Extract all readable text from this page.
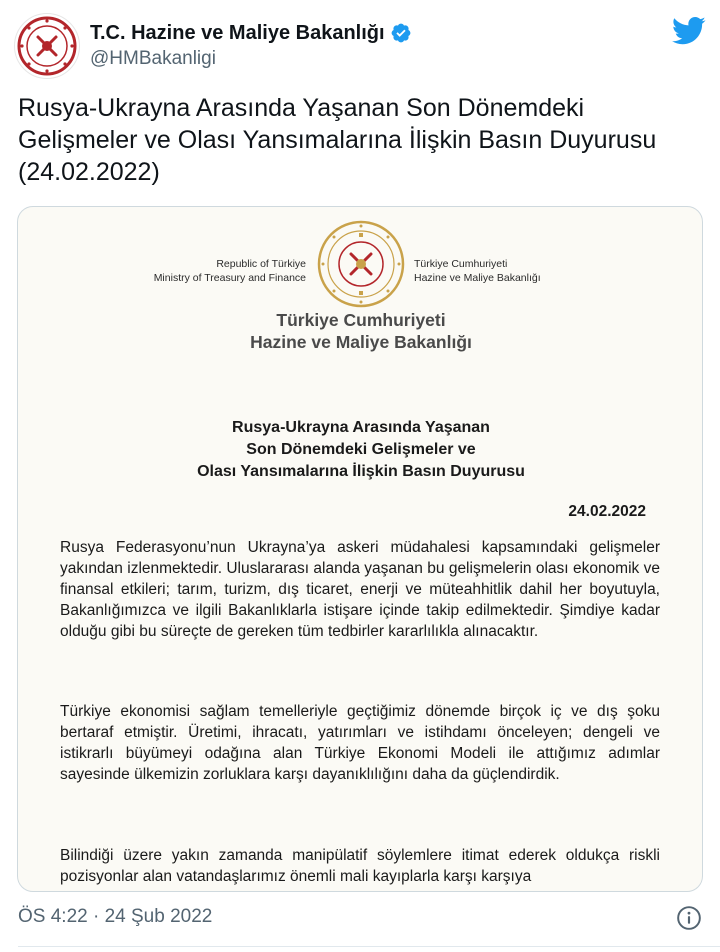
T.C. Hazine ve Maliye Bakanlığı
@HMBakanligi
Rusya-Ukrayna Arasında Yaşanan Son Dönemdeki Gelişmeler ve Olası Yansımalarına İlişkin Basın Duyurusu (24.02.2022)
Republic of Türkiye
Ministry of Treasury and Finance
Türkiye Cumhuriyeti
Hazine ve Maliye Bakanlığı
Türkiye Cumhuriyeti
Hazine ve Maliye Bakanlığı
Rusya-Ukrayna Arasında Yaşanan
Son Dönemdeki Gelişmeler ve
Olası Yansımalarına İlişkin Basın Duyurusu
24.02.2022
Rusya Federasyonu’nun Ukrayna’ya askeri müdahalesi kapsamındaki gelişmeler yakından izlenmektedir. Uluslararası alanda yaşanan bu gelişmelerin olası ekonomik ve finansal etkileri; tarım, turizm, dış ticaret, enerji ve müteahhitlik dahil her boyutuyla, Bakanlığımızca ve ilgili Bakanlıklarla istişare içinde takip edilmektedir. Şimdiye kadar olduğu gibi bu süreçte de gereken tüm tedbirler kararlılıkla alınacaktır.
Türkiye ekonomisi sağlam temelleriyle geçtiğimiz dönemde birçok iç ve dış şoku bertaraf etmiştir. Üretimi, ihracatı, yatırımları ve istihdamı önceleyen; dengeli ve istikrarlı büyümeyi odağına alan Türkiye Ekonomi Modeli ile attığımız adımlar sayesinde ülkemizin zorluklara karşı dayanıklılığını daha da güçlendirdik.
Bilindiği üzere yakın zamanda manipülatif söylemlere itimat ederek oldukça riskli pozisyonlar alan vatandaşlarımız önemli mali kayıplarla karşı karşıya
ÖS 4:22 · 24 Şub 2022
